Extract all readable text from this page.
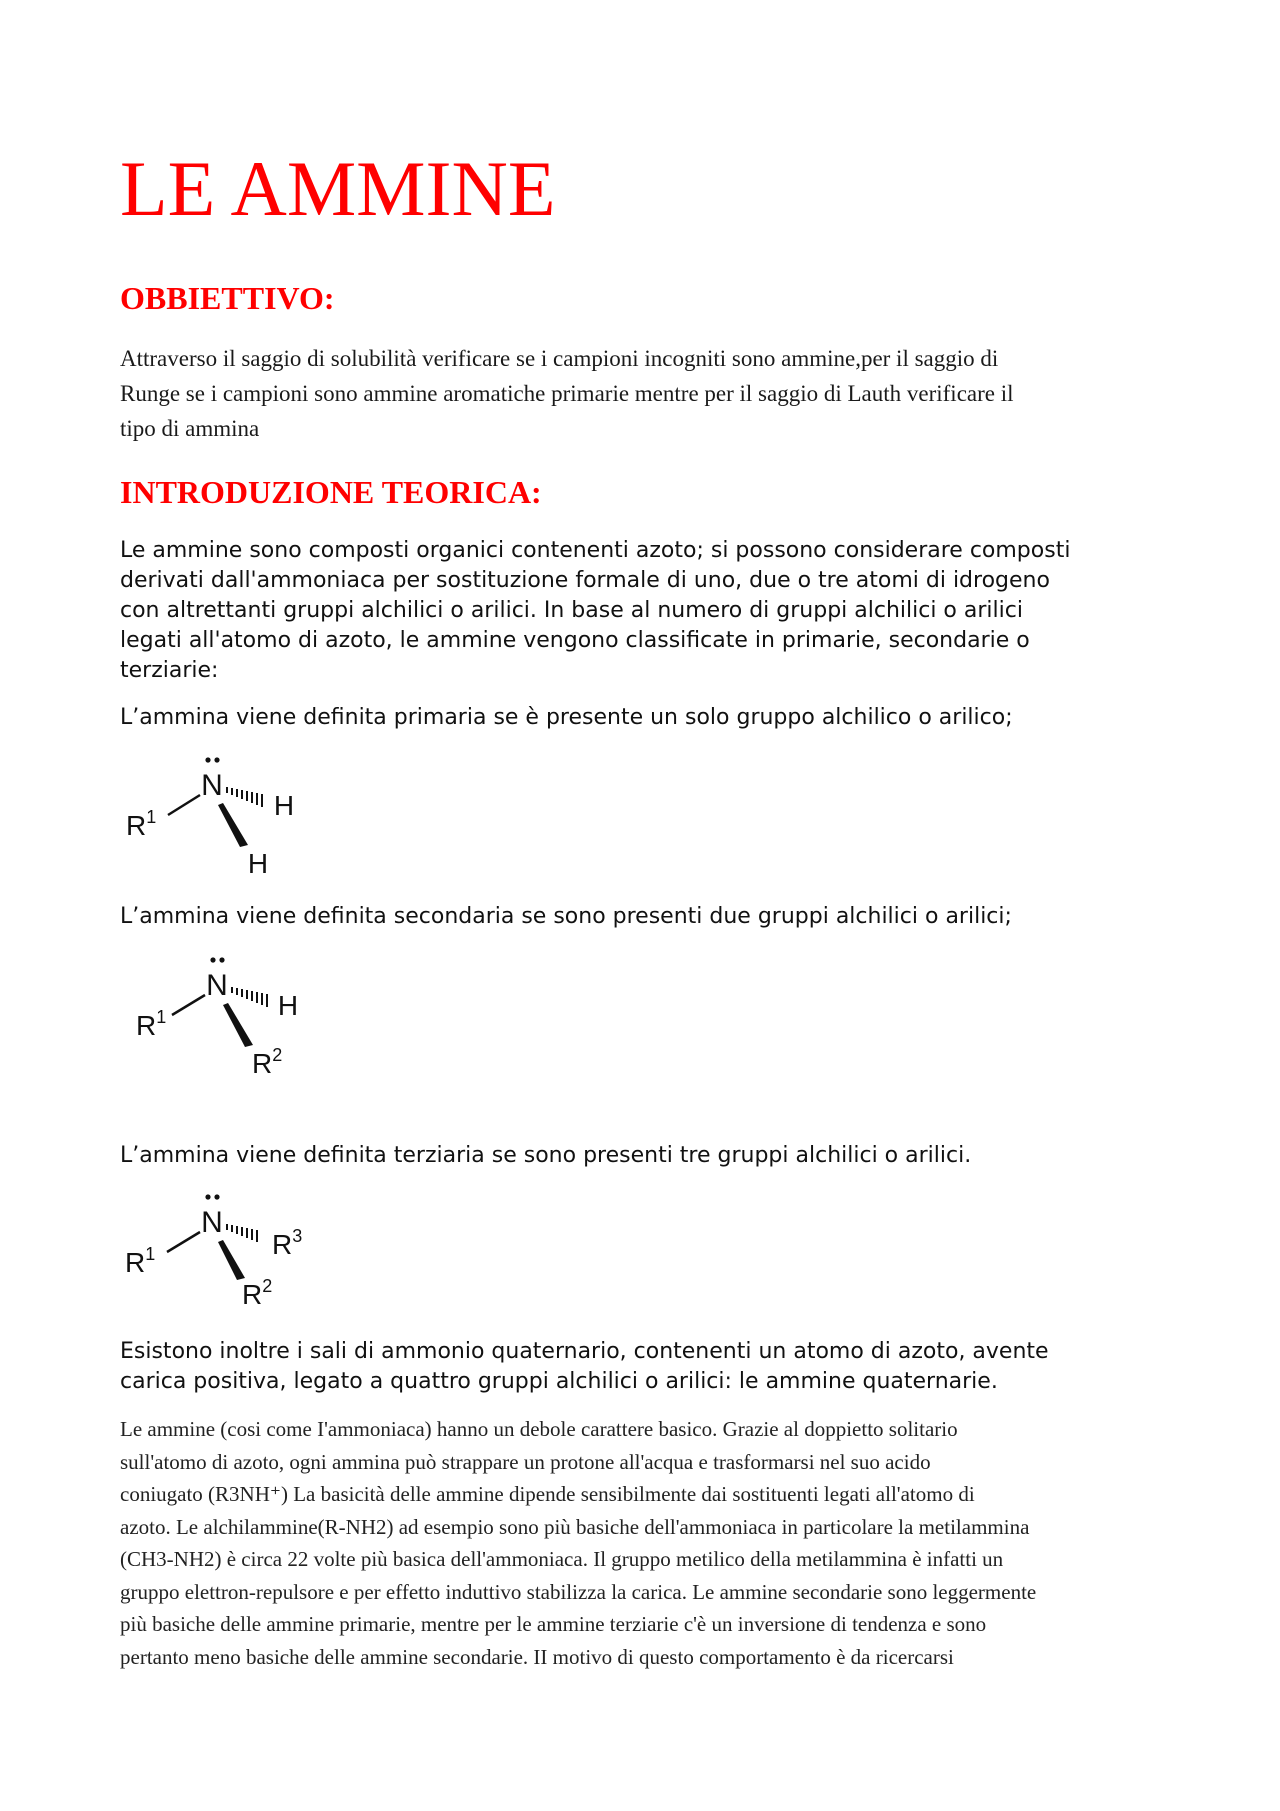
LE AMMINE
OBBIETTIVO:
Attraverso il saggio di solubilità verificare se i campioni incogniti sono ammine,per il saggio di
Runge se i campioni sono ammine aromatiche primarie mentre per il saggio di Lauth verificare il
tipo di ammina
INTRODUZIONE TEORICA:
Le ammine sono composti organici contenenti azoto; si possono considerare composti
derivati dall'ammoniaca per sostituzione formale di uno, due o tre atomi di idrogeno
con altrettanti gruppi alchilici o arilici. In base al numero di gruppi alchilici o arilici
legati all'atomo di azoto, le ammine vengono classificate in primarie, secondarie o
terziarie:
L’ammina viene definita primaria se è presente un solo gruppo alchilico o arilico;
N
H
H
$R^1$
L’ammina viene definita secondaria se sono presenti due gruppi alchilici o arilici;
N
H
$R^2$
$R^1$
L’ammina viene definita terziaria se sono presenti tre gruppi alchilici o arilici.
N
$R^3$
$R^2$
$R^1$
Esistono inoltre i sali di ammonio quaternario, contenenti un atomo di azoto, avente
carica positiva, legato a quattro gruppi alchilici o arilici: le ammine quaternarie.
Le ammine (cosi come I'ammoniaca) hanno un debole carattere basico. Grazie al doppietto solitario
sull'atomo di azoto, ogni ammina può strappare un protone all'acqua e trasformarsi nel suo acido
coniugato (R3NH⁺) La basicità delle ammine dipende sensibilmente dai sostituenti legati all'atomo di
azoto. Le alchilammine(R-NH2) ad esempio sono più basiche dell'ammoniaca in particolare la metilammina
(CH3-NH2) è circa 22 volte più basica dell'ammoniaca. Il gruppo metilico della metilammina è infatti un
gruppo elettron-repulsore e per effetto induttivo stabilizza la carica. Le ammine secondarie sono leggermente
più basiche delle ammine primarie, mentre per le ammine terziarie c'è un inversione di tendenza e sono
pertanto meno basiche delle ammine secondarie. II motivo di questo comportamento è da ricercarsi
